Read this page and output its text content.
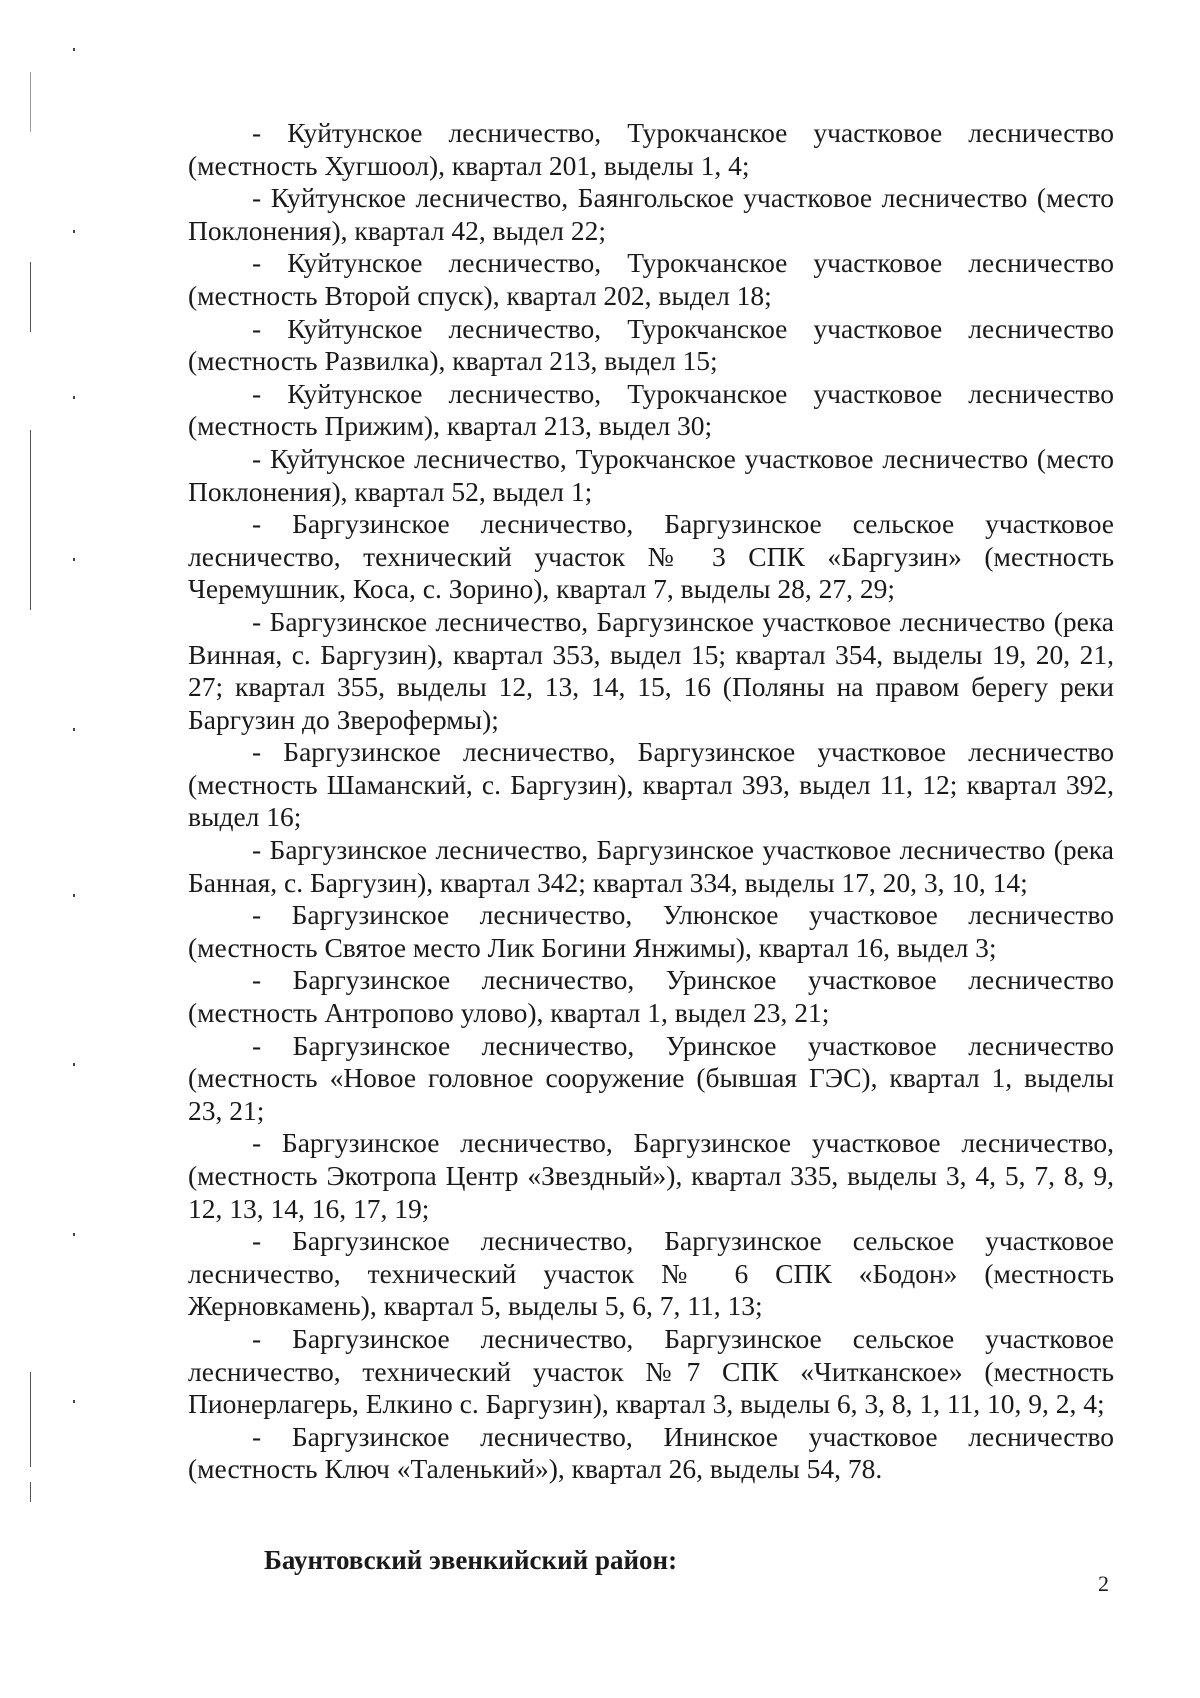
- Куйтунское лесничество, Турокчанское участковое лесничество (местность Хугшоол), квартал 201, выделы 1, 4;

- Куйтунское лесничество, Баянгольское участковое лесничество (место Поклонения), квартал 42, выдел 22;

- Куйтунское лесничество, Турокчанское участковое лесничество (местность Второй спуск), квартал 202, выдел 18;

- Куйтунское лесничество, Турокчанское участковое лесничество (местность Развилка), квартал 213, выдел 15;

- Куйтунское лесничество, Турокчанское участковое лесничество (местность Прижим), квартал 213, выдел 30;

- Куйтунское лесничество, Турокчанское участковое лесничество (место Поклонения), квартал 52, выдел 1;

- Баргузинское лесничество, Баргузинское сельское участковое лесничество, технический участок № 3 СПК «Баргузин» (местность Черемушник, Коса, с. Зорино), квартал 7, выделы 28, 27, 29;

- Баргузинское лесничество, Баргузинское участковое лесничество (река Винная, с. Баргузин), квартал 353, выдел 15; квартал 354, выделы 19, 20, 21, 27; квартал 355, выделы 12, 13, 14, 15, 16 (Поляны на правом берегу реки Баргузин до Зверофермы);

- Баргузинское лесничество, Баргузинское участковое лесничество (местность Шаманский, с. Баргузин), квартал 393, выдел 11, 12; квартал 392, выдел 16;

- Баргузинское лесничество, Баргузинское участковое лесничество (река Банная, с. Баргузин), квартал 342; квартал 334, выделы 17, 20, 3, 10, 14;

- Баргузинское лесничество, Улюнское участковое лесничество (местность Святое место Лик Богини Янжимы), квартал 16, выдел 3;

- Баргузинское лесничество, Уринское участковое лесничество (местность Антропово улово), квартал 1, выдел 23, 21;

- Баргузинское лесничество, Уринское участковое лесничество (местность «Новое головное сооружение (бывшая ГЭС), квартал 1, выделы 23, 21;

- Баргузинское лесничество, Баргузинское участковое лесничество, (местность Экотропа Центр «Звездный»), квартал 335, выделы 3, 4, 5, 7, 8, 9, 12, 13, 14, 16, 17, 19;

- Баргузинское лесничество, Баргузинское сельское участковое лесничество, технический участок № 6 СПК «Бодон» (местность Жерновкамень), квартал 5, выделы 5, 6, 7, 11, 13;

- Баргузинское лесничество, Баргузинское сельское участковое лесничество, технический участок №7 СПК «Читканское» (местность Пионерлагерь, Елкино с. Баргузин), квартал 3, выделы 6, 3, 8, 1, 11, 10, 9, 2, 4;

- Баргузинское лесничество, Ининское участковое лесничество (местность Ключ «Таленький»), квартал 26, выделы 54, 78.

Баунтовский эвенкийский район:

2
